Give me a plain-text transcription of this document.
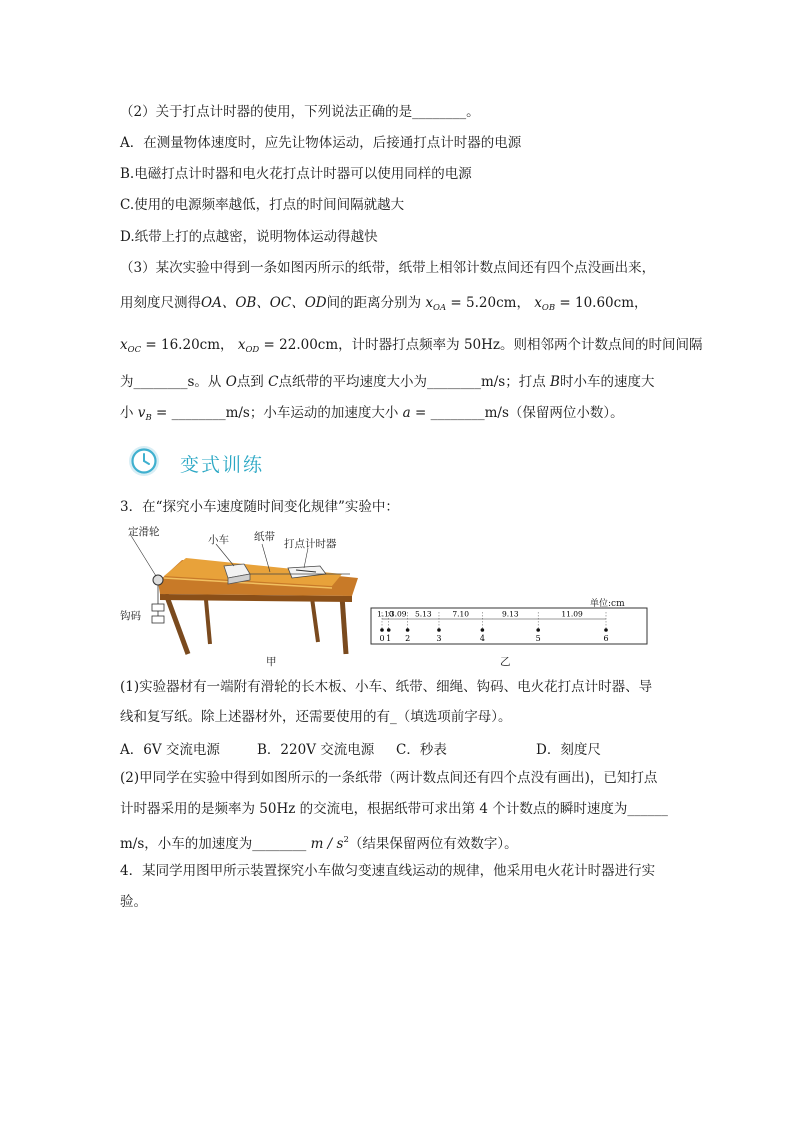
（2）关于打点计时器的使用，下列说法正确的是________。
A．在测量物体速度时，应先让物体运动，后接通打点计时器的电源
B.电磁打点计时器和电火花打点计时器可以使用同样的电源
C.使用的电源频率越低，打点的时间间隔就越大
D.纸带上打的点越密，说明物体运动得越快
（3）某次实验中得到一条如图丙所示的纸带，纸带上相邻计数点间还有四个点没画出来，
用刻度尺测得OA、OB、OC、OD间的距离分别为 $x_{OA} = 5.20cm$， $x_{OB} = 10.60cm$，
$x_{OC} = 16.20cm$， $x_{OD} = 22.00cm$，计时器打点频率为 50Hz。则相邻两个计数点间的时间间隔
为________s。从 O点到 C点纸带的平均速度大小为________m/s；打点 B时小车的速度大
小 $v_B$ = ________m/s；小车运动的加速度大小 a = ________m/s（保留两位小数）。
变式训练
3．在“探究小车速度随时间变化规律”实验中：
定滑轮
小车 纸带
打点计时器
钩码
甲
0 1 2	3	4	5	6
1.10
3.09 5.13	7.10	9.13	11.09
单位:cm
乙
(1)实验器材有一端附有滑轮的长木板、小车、纸带、细绳、钩码、电火花打点计时器、导
线和复写纸。除上述器材外，还需要使用的有_（填选项前字母）。
A．6V 交流电源	B．220V 交流电源 C．秒表	D．刻度尺
(2)甲同学在实验中得到如图所示的一条纸带（两计数点间还有四个点没有画出)，已知打点
计时器采用的是频率为 50Hz 的交流电，根据纸带可求出第 4 个计数点的瞬时速度为______
m/s，小车的加速度为________ m / $s^2$（结果保留两位有效数字）。
4．某同学用图甲所示装置探究小车做匀变速直线运动的规律，他采用电火花计时器进行实
验。
